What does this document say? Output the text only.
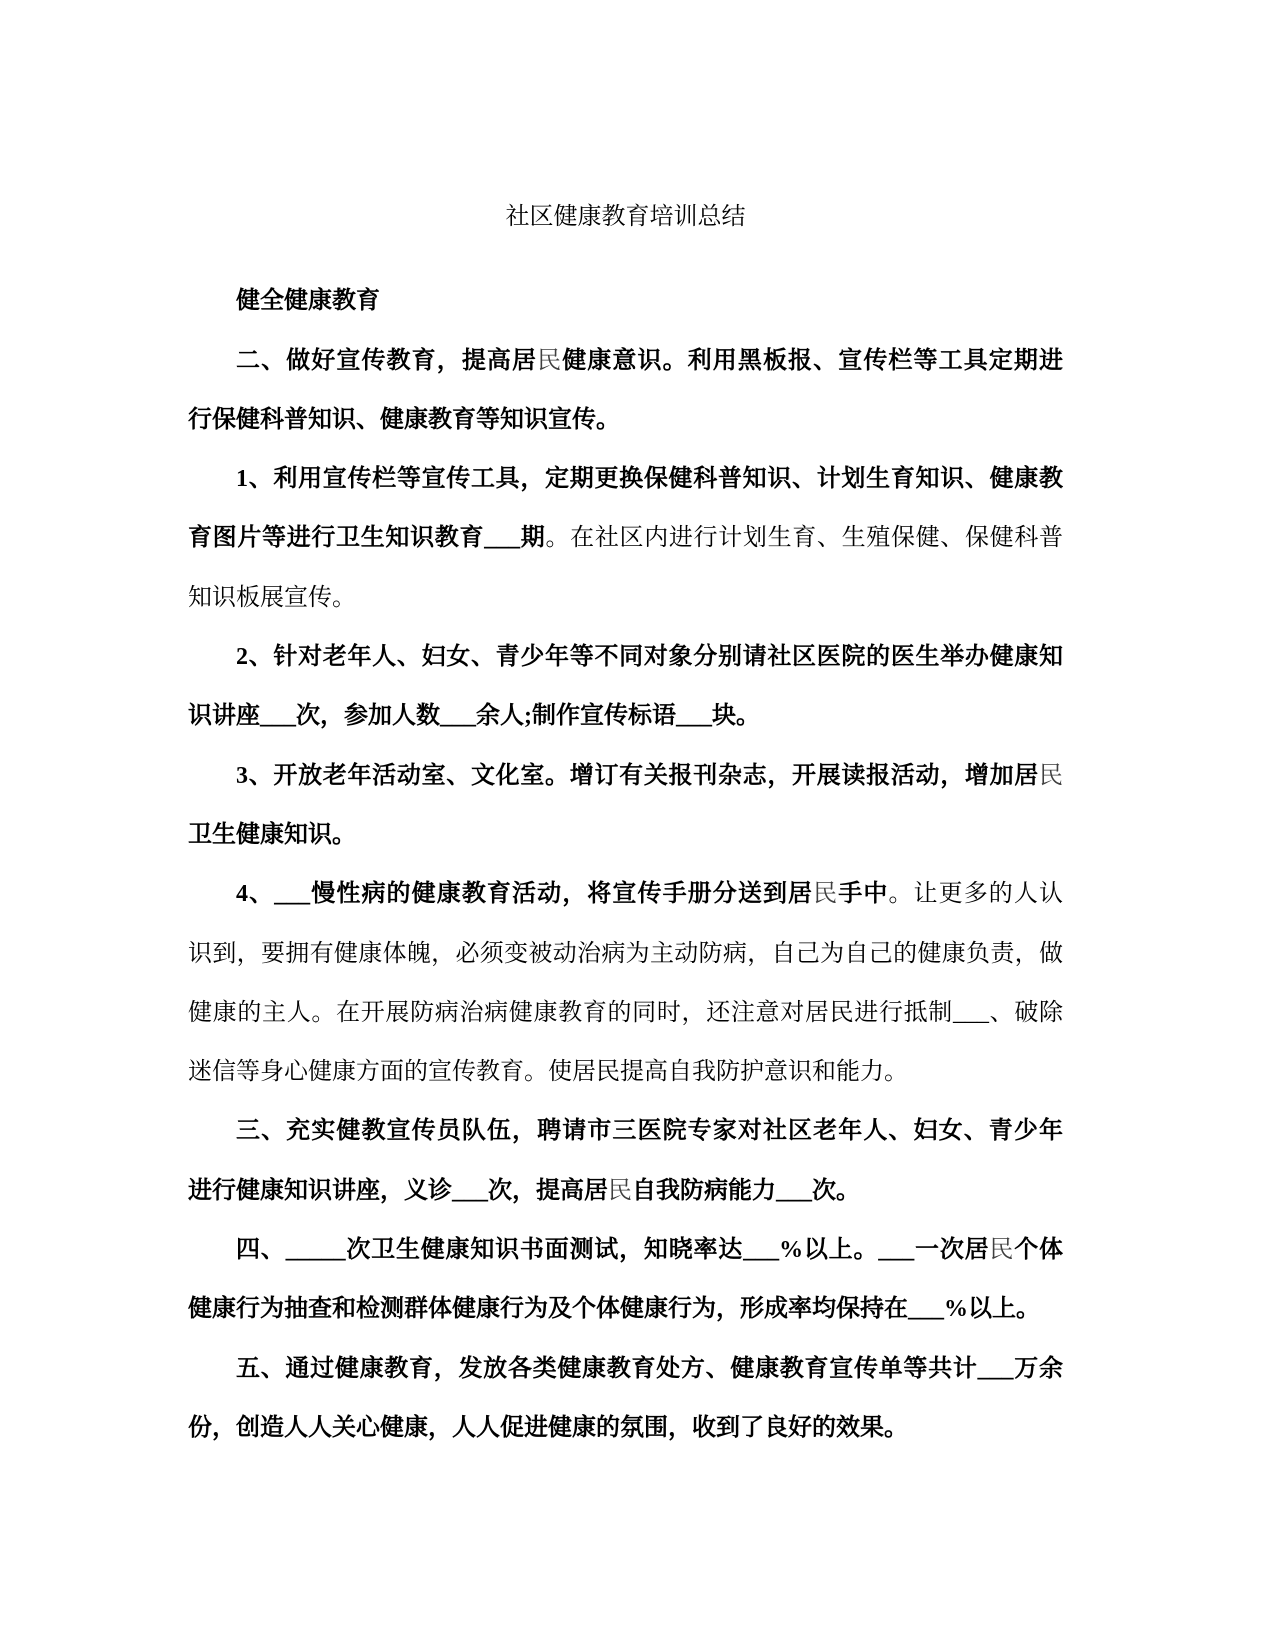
社区健康教育培训总结
健全健康教育
二、做好宣传教育，提高居民健康意识。利用黑板报、宣传栏等工具定期进
行保健科普知识、健康教育等知识宣传。
1、利用宣传栏等宣传工具，定期更换保健科普知识、计划生育知识、健康教
育图片等进行卫生知识教育___期。在社区内进行计划生育、生殖保健、保健科普
知识板展宣传。
2、针对老年人、妇女、青少年等不同对象分别请社区医院的医生举办健康知
识讲座___次，参加人数___余人;制作宣传标语___块。
3、开放老年活动室、文化室。增订有关报刊杂志，开展读报活动，增加居民
卫生健康知识。
4、___慢性病的健康教育活动，将宣传手册分送到居民手中。让更多的人认
识到，要拥有健康体魄，必须变被动治病为主动防病，自己为自己的健康负责，做
健康的主人。在开展防病治病健康教育的同时，还注意对居民进行抵制___、破除
迷信等身心健康方面的宣传教育。使居民提高自我防护意识和能力。
三、充实健教宣传员队伍，聘请市三医院专家对社区老年人、妇女、青少年
进行健康知识讲座，义诊___次，提高居民自我防病能力___次。
四、_____次卫生健康知识书面测试，知晓率达___%以上。___一次居民个体
健康行为抽查和检测群体健康行为及个体健康行为，形成率均保持在___%以上。
五、通过健康教育，发放各类健康教育处方、健康教育宣传单等共计___万余
份，创造人人关心健康，人人促进健康的氛围，收到了良好的效果。
